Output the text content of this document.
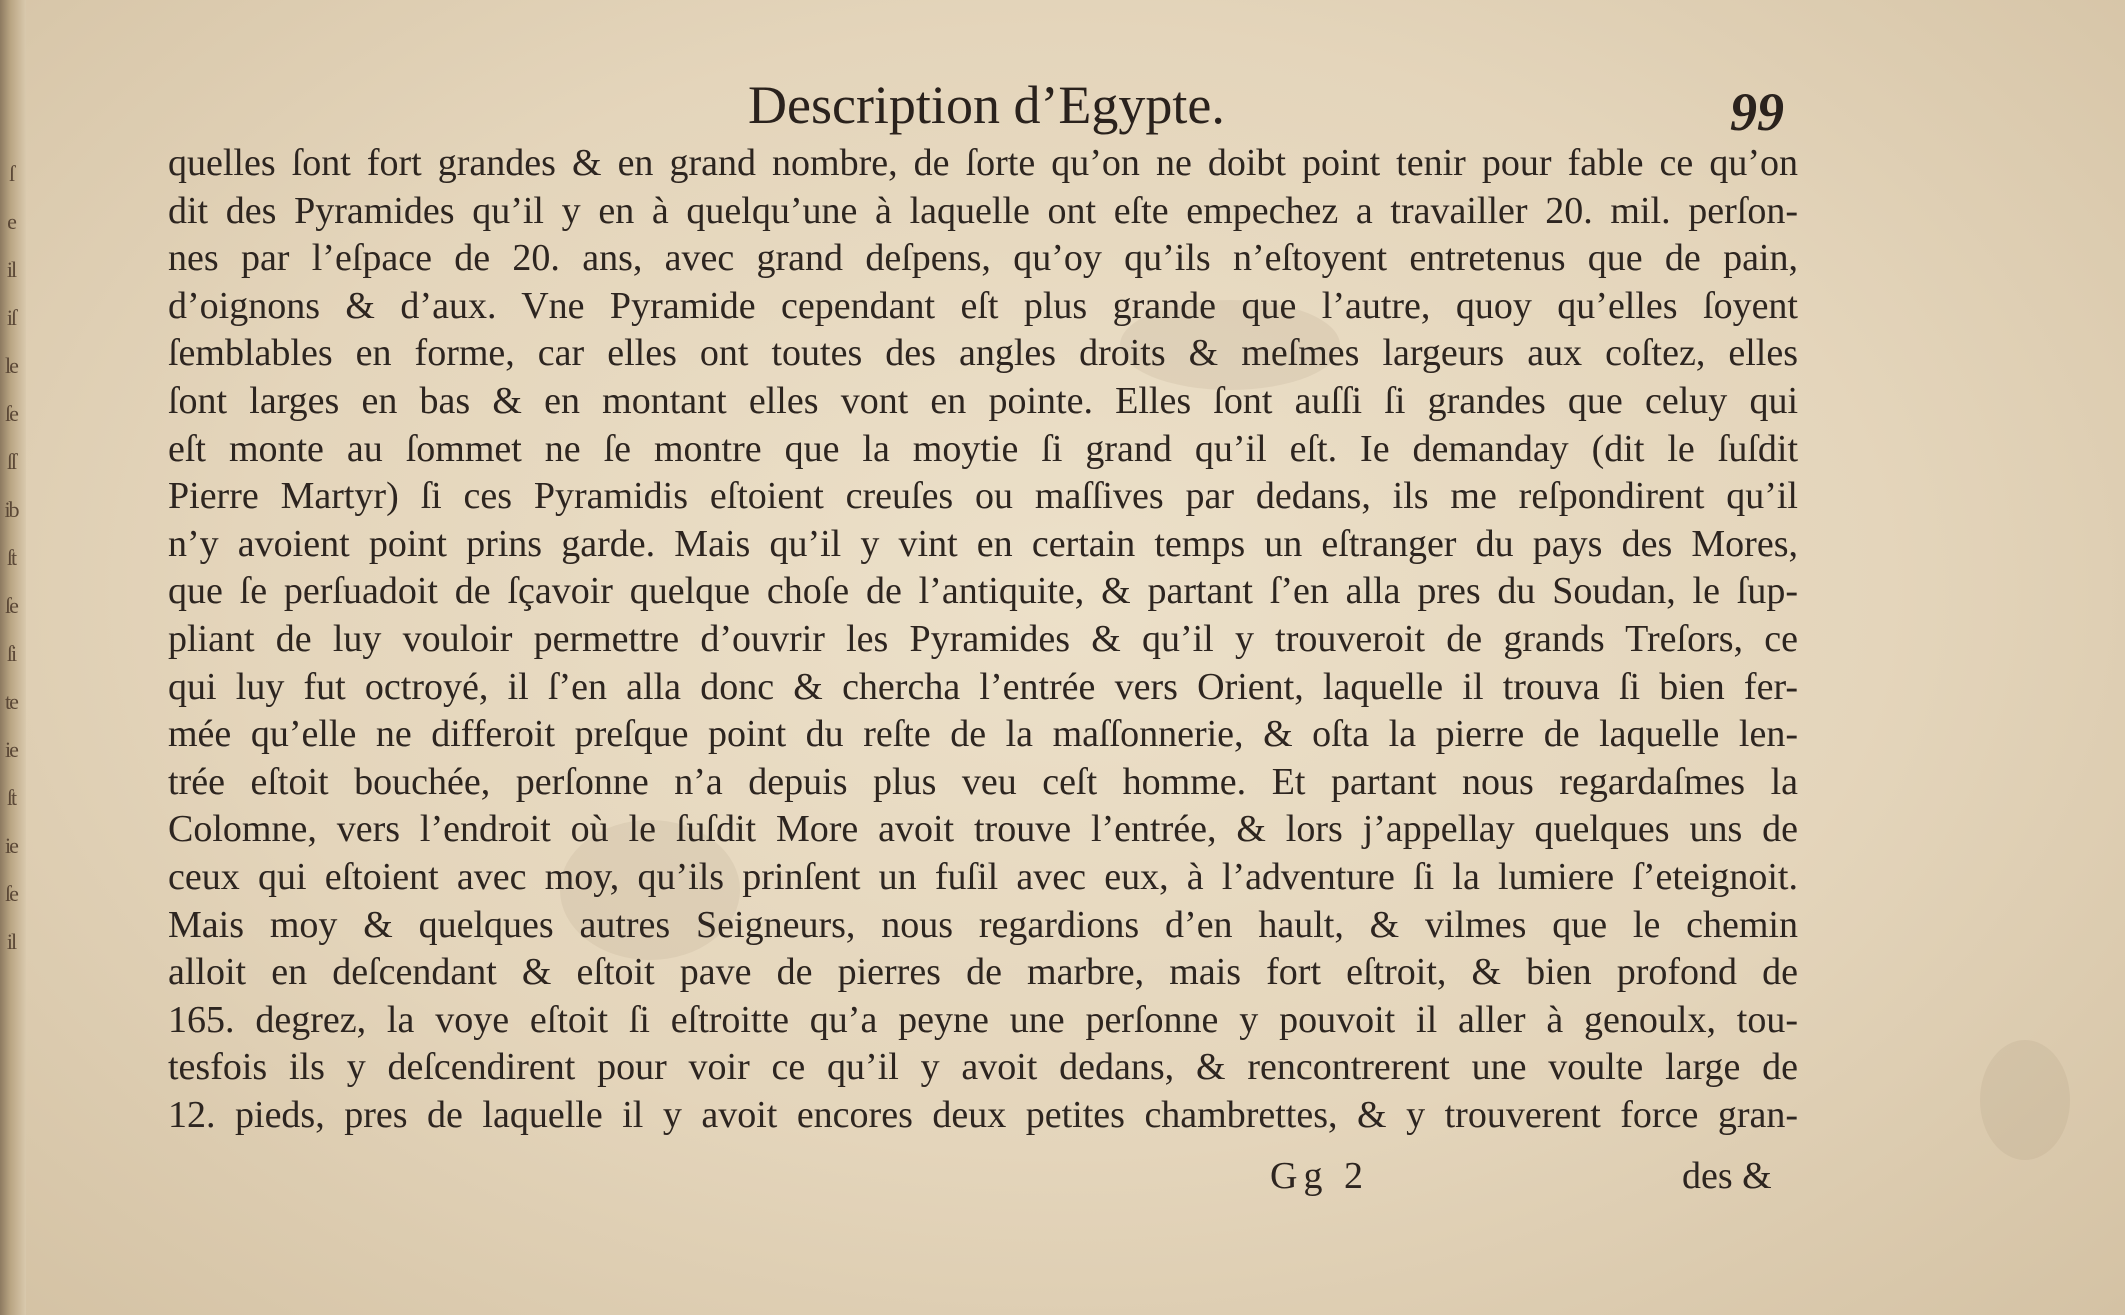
ſ
e
il
iſ
le
ſe
ſſ
ib
ſt
ſe
ſi
te
ie
ſt
ie
ſe
il
Description d’Egypte.	99
quelles ſont fort grandes & en grand nombre, de ſorte qu’on ne doibt point tenir pour fable ce qu’on
dit des Pyramides qu’il y en à quelqu’une à laquelle ont eſte empechez a travailler 20. mil. perſon-
nes par l’eſpace de 20. ans, avec grand deſpens, qu’oy qu’ils n’eſtoyent entretenus que de pain,
d’oignons & d’aux. Vne Pyramide cependant eſt plus grande que l’autre, quoy qu’elles ſoyent
ſemblables en forme, car elles ont toutes des angles droits & meſmes largeurs aux coſtez, elles
ſont larges en bas & en montant elles vont en pointe. Elles ſont auſſi ſi grandes que celuy qui
eſt monte au ſommet ne ſe montre que la moytie ſi grand qu’il eſt. Ie demanday (dit le ſuſdit
Pierre Martyr) ſi ces Pyramidis eſtoient creuſes ou maſſives par dedans, ils me reſpondirent qu’il
n’y avoient point prins garde. Mais qu’il y vint en certain temps un eſtranger du pays des Mores,
que ſe perſuadoit de ſçavoir quelque choſe de l’antiquite, & partant ſ’en alla pres du Soudan, le ſup-
pliant de luy vouloir permettre d’ouvrir les Pyramides & qu’il y trouveroit de grands Treſors, ce
qui luy fut octroyé, il ſ’en alla donc & chercha l’entrée vers Orient, laquelle il trouva ſi bien fer-
mée qu’elle ne differoit preſque point du reſte de la maſſonnerie, & oſta la pierre de laquelle len-
trée eſtoit bouchée, perſonne n’a depuis plus veu ceſt homme. Et partant nous regardaſmes la
Colomne, vers l’endroit où le ſuſdit More avoit trouve l’entrée, & lors j’appellay quelques uns de
ceux qui eſtoient avec moy, qu’ils prinſent un fuſil avec eux, à l’adventure ſi la lumiere ſ’eteignoit.
Mais moy & quelques autres Seigneurs, nous regardions d’en hault, & vilmes que le chemin
alloit en deſcendant & eſtoit pave de pierres de marbre, mais fort eſtroit, & bien profond de
165. degrez, la voye eſtoit ſi eſtroitte qu’a peyne une perſonne y pouvoit il aller à genoulx, tou-
tesfois ils y deſcendirent pour voir ce qu’il y avoit dedans, & rencontrerent une voulte large de
12. pieds, pres de laquelle il y avoit encores deux petites chambrettes, & y trouverent force gran-
Gg 2	des &
